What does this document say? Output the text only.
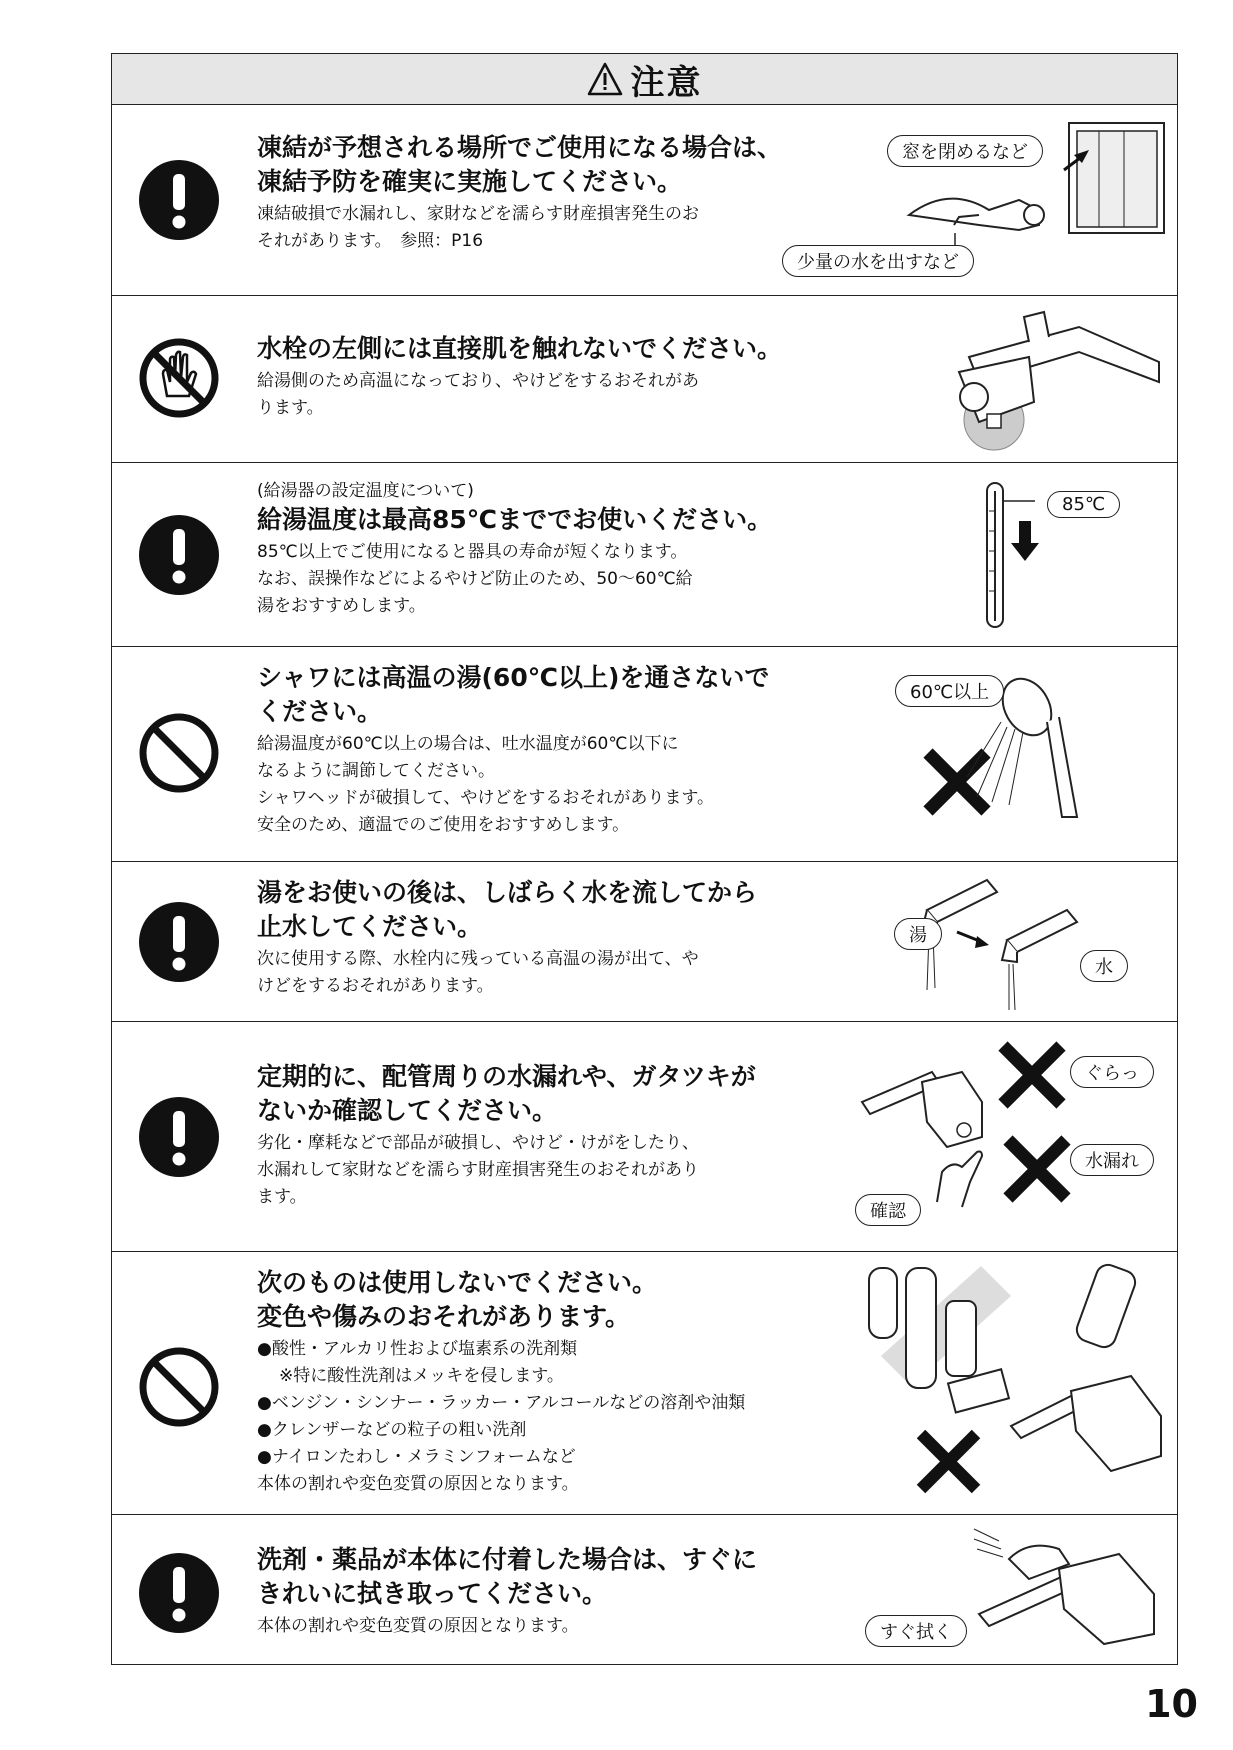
注意
凍結が予想される場所でご使用になる場合は、
凍結予防を確実に実施してください。
凍結破損で水漏れし、家財などを濡らす財産損害発生のお
それがあります。　参照：P16
窓を閉めるなど
少量の水を出すなど
水栓の左側には直接肌を触れないでください。
給湯側のため高温になっており、やけどをするおそれがあ
ります。
(給湯器の設定温度について)
給湯温度は最高85℃まででお使いください。
85℃以上でご使用になると器具の寿命が短くなります。
なお、誤操作などによるやけど防止のため、50～60℃給
湯をおすすめします。
85℃
シャワには高温の湯(60℃以上)を通さないで
ください。
給湯温度が60℃以上の場合は、吐水温度が60℃以下に
なるように調節してください。
シャワヘッドが破損して、やけどをするおそれがあります。
安全のため、適温でのご使用をおすすめします。
60℃以上
湯をお使いの後は、しばらく水を流してから
止水してください。
次に使用する際、水栓内に残っている高温の湯が出て、や
けどをするおそれがあります。
湯
水
定期的に、配管周りの水漏れや、ガタツキが
ないか確認してください。
劣化・摩耗などで部品が破損し、やけど・けがをしたり、
水漏れして家財などを濡らす財産損害発生のおそれがあり
ます。
ぐらっ
水漏れ
確認
次のものは使用しないでください。
変色や傷みのおそれがあります。
●酸性・アルカリ性および塩素系の洗剤類
※特に酸性洗剤はメッキを侵します。
●ベンジン・シンナー・ラッカー・アルコールなどの溶剤や油類
●クレンザーなどの粒子の粗い洗剤
●ナイロンたわし・メラミンフォームなど
本体の割れや変色変質の原因となります。
洗剤・薬品が本体に付着した場合は、すぐに
きれいに拭き取ってください。
本体の割れや変色変質の原因となります。	すぐ拭く
10
